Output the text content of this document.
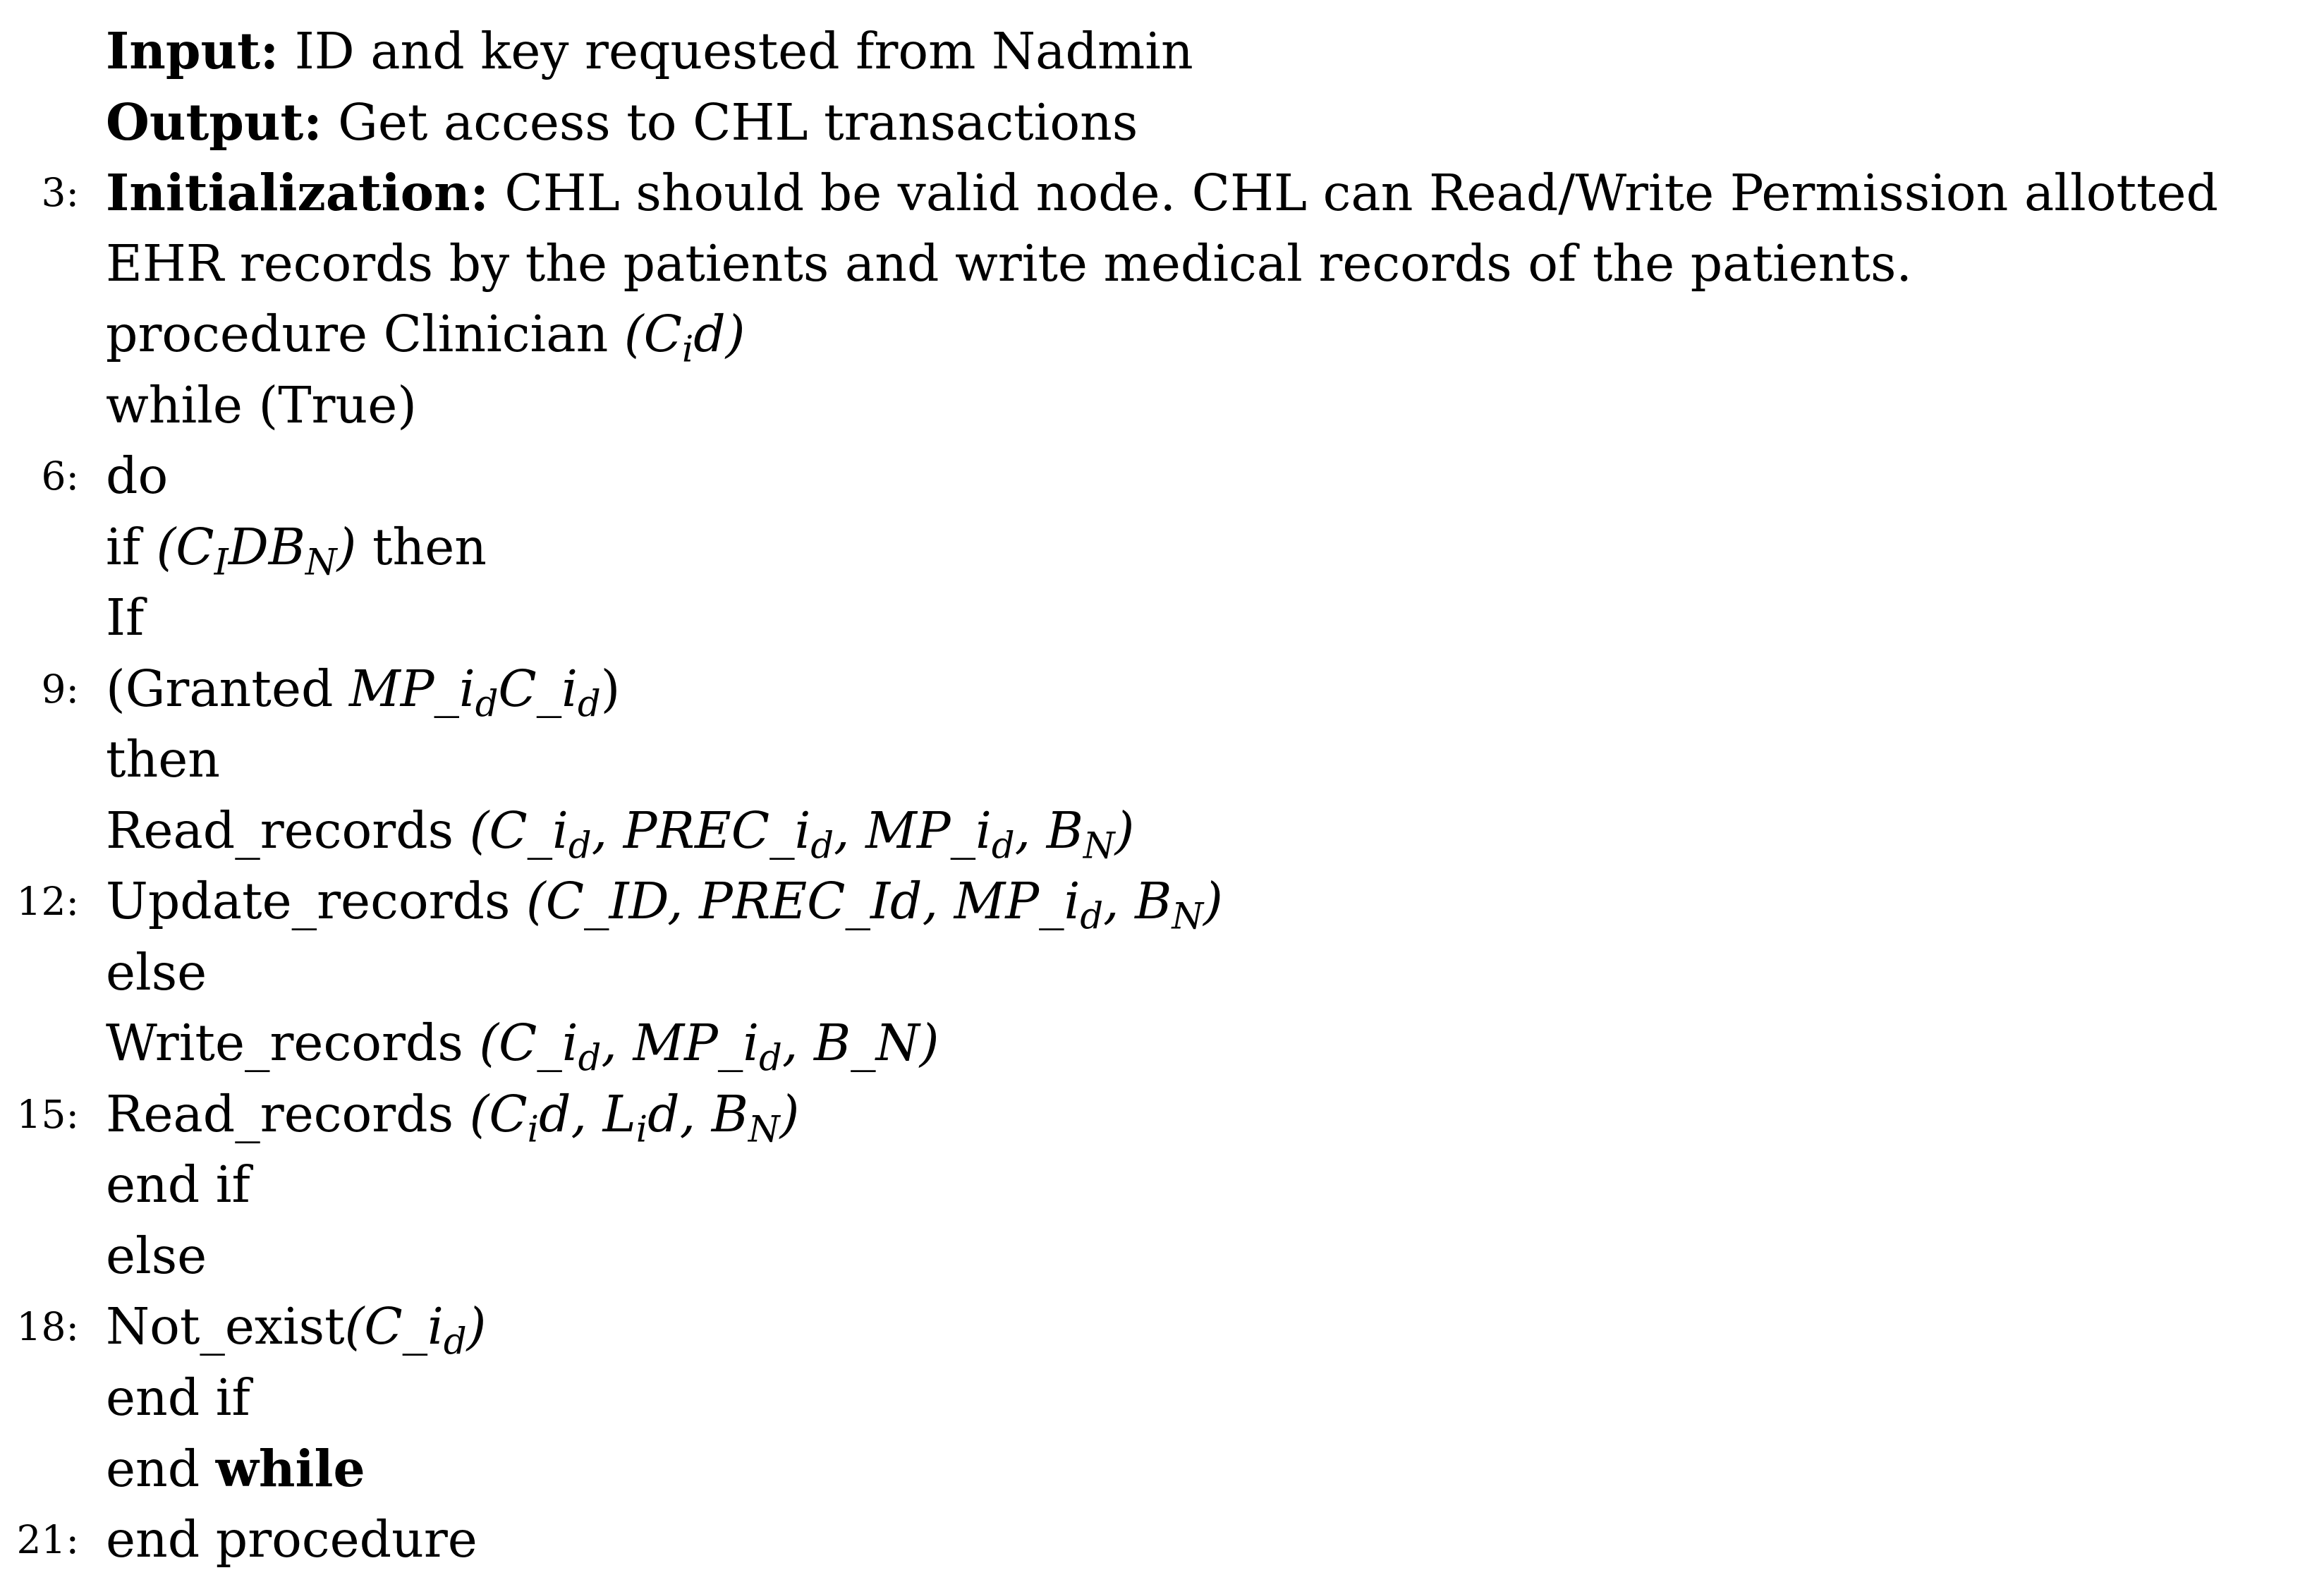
Input: ID and key requested from Nadmin
Output: Get access to CHL transactions
3: Initialization: CHL should be valid node. CHL can Read/Write Permission allotted
EHR records by the patients and write medical records of the patients.
procedure Clinician $(C_id)$
while (True)
6: do
if $(C_IDB_N)$ then
If
9: (Granted $MP\_i_dC\_i_d$)
then
Read_records ($C\_i_d$, $PREC\_i_d$, $MP\_i_d$, $B_N$)
12: Update_records (C_ID, PREC_Id, $MP\_i_d$, $B_N$)
else
Write_records ($C\_i_d$, $MP\_i_d$, B_N)
15: Read_records ($C_id$, $L_id$, $B_N$)
end if
else
18: $Not\_exist(C\_i_d)$
end if
end while
21: end procedure
